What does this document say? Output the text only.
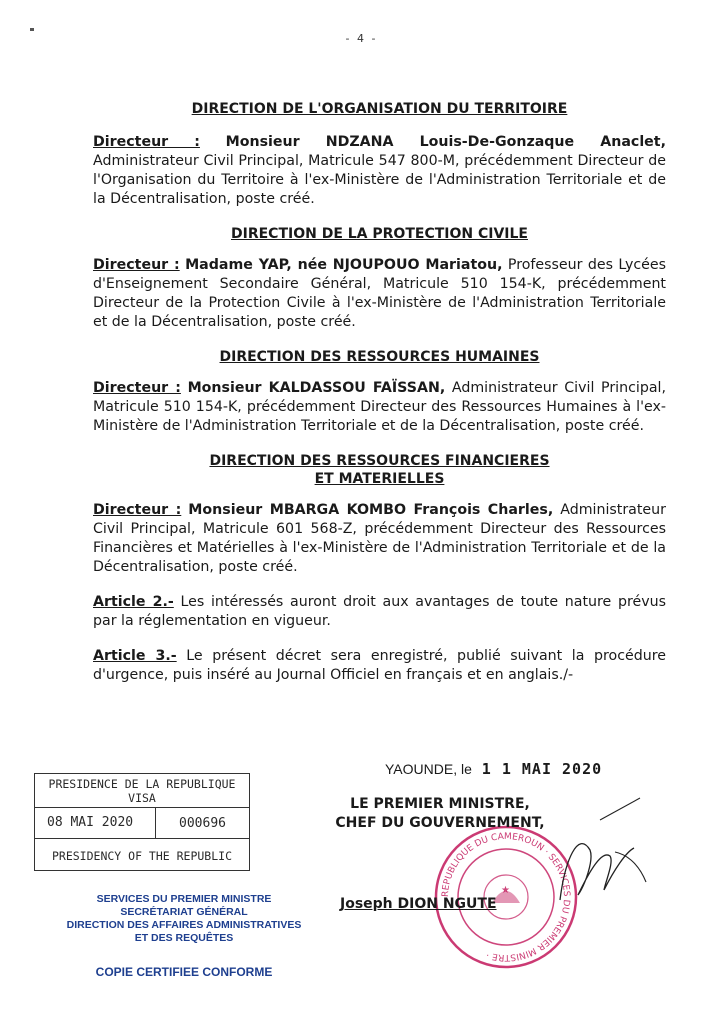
- 4 -
DIRECTION DE L'ORGANISATION DU TERRITOIRE

Directeur : Monsieur NDZANA Louis-De-Gonzaque Anaclet, Administrateur Civil Principal, Matricule 547 800-M, précédemment Directeur de l'Organisation du Territoire à l'ex-Ministère de l'Administration Territoriale et de la Décentralisation, poste créé.

DIRECTION DE LA PROTECTION CIVILE

Directeur : Madame YAP, née NJOUPOUO Mariatou, Professeur des Lycées d'Enseignement Secondaire Général, Matricule 510 154-K, précédemment Directeur de la Protection Civile à l'ex-Ministère de l'Administration Territoriale et de la Décentralisation, poste créé.

DIRECTION DES RESSOURCES HUMAINES

Directeur : Monsieur KALDASSOU FAÏSSAN, Administrateur Civil Principal, Matricule 510 154-K, précédemment Directeur des Ressources Humaines à l'ex-Ministère de l'Administration Territoriale et de la Décentralisation, poste créé.

DIRECTION DES RESSOURCES FINANCIERES
ET MATERIELLES

Directeur : Monsieur MBARGA KOMBO François Charles, Administrateur Civil Principal, Matricule 601 568-Z, précédemment Directeur des Ressources Financières et Matérielles à l'ex-Ministère de l'Administration Territoriale et de la Décentralisation, poste créé.

Article 2.- Les intéressés auront droit aux avantages de toute nature prévus par la réglementation en vigueur.

Article 3.- Le présent décret sera enregistré, publié suivant la procédure d'urgence, puis inséré au Journal Officiel en français et en anglais./-

YAOUNDE, le 1 1 MAI 2020
PRESIDENCE DE LA REPUBLIQUE
VISA
08 MAI 2020	000696
PRESIDENCY OF THE REPUBLIC
REPUBLIQUE DU CAMEROUN · SERVICES DU PREMIER MINISTRE ·
★
LE PREMIER MINISTRE,
CHEF DU GOUVERNEMENT,
Joseph DION NGUTE
SERVICES DU PREMIER MINISTRE
SECRÉTARIAT GÉNÉRAL
DIRECTION DES AFFAIRES ADMINISTRATIVES
ET DES REQUÊTES
COPIE CERTIFIEE CONFORME
